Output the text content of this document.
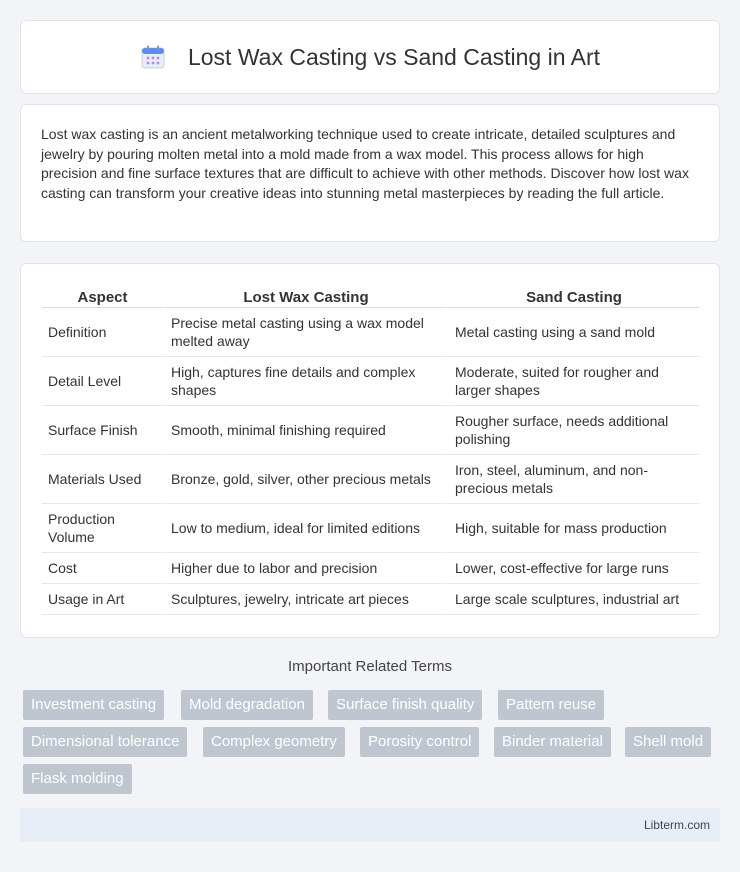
Lost Wax Casting vs Sand Casting in Art

Lost wax casting is an ancient metalworking technique used to create intricate, detailed sculptures and jewelry by pouring molten metal into a mold made from a wax model. This process allows for high precision and fine surface textures that are difficult to achieve with other methods. Discover how lost wax casting can transform your creative ideas into stunning metal masterpieces by reading the full article.

Aspect	Lost Wax Casting	Sand Casting
Definition	Precise metal casting using a wax model melted away	Metal casting using a sand mold
Detail Level	High, captures fine details and complex shapes	Moderate, suited for rougher and larger shapes
Surface Finish	Smooth, minimal finishing required	Rougher surface, needs additional polishing
Materials Used	Bronze, gold, silver, other precious metals	Iron, steel, aluminum, and non-precious metals
Production Volume	Low to medium, ideal for limited editions	High, suitable for mass production
Cost	Higher due to labor and precision	Lower, cost-effective for large runs
Usage in Art	Sculptures, jewelry, intricate art pieces	Large scale sculptures, industrial art
Important Related Terms
Investment casting	Mold degradation	Surface finish quality	Pattern reuse
Dimensional tolerance	Complex geometry	Porosity control	Binder material	Shell mold
Flask molding
Libterm.com
